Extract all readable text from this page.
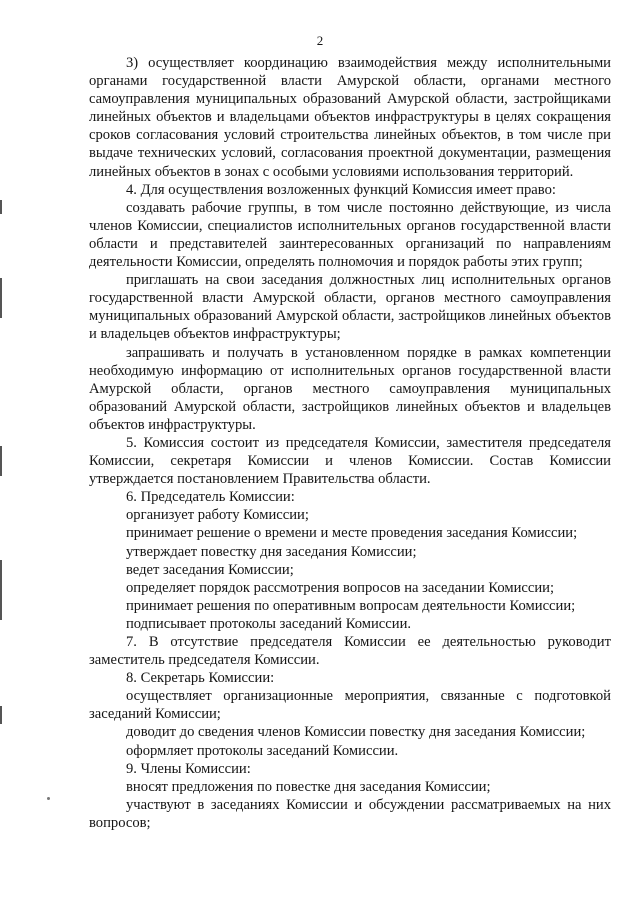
2

3) осуществляет координацию взаимодействия между исполнительными органами государственной власти Амурской области, органами местного самоуправления муниципальных образований Амурской области, застройщиками линейных объектов и владельцами объектов инфраструктуры в целях сокращения сроков согласования условий строительства линейных объектов, в том числе при выдаче технических условий, согласования проектной документации, размещения линейных объектов в зонах с особыми условиями использования территорий.

4. Для осуществления возложенных функций Комиссия имеет право:

создавать рабочие группы, в том числе постоянно действующие, из числа членов Комиссии, специалистов исполнительных органов государственной власти области и представителей заинтересованных организаций по направлениям деятельности Комиссии, определять полномочия и порядок работы этих групп;

приглашать на свои заседания должностных лиц исполнительных органов государственной власти Амурской области, органов местного самоуправления муниципальных образований Амурской области, застройщиков линейных объектов и владельцев объектов инфраструктуры;

запрашивать и получать в установленном порядке в рамках компетенции необходимую информацию от исполнительных органов государственной власти Амурской области, органов местного самоуправления муниципальных образований Амурской области, застройщиков линейных объектов и владельцев объектов инфраструктуры.

5. Комиссия состоит из председателя Комиссии, заместителя председателя Комиссии, секретаря Комиссии и членов Комиссии. Состав Комиссии утверждается постановлением Правительства области.

6. Председатель Комиссии:

организует работу Комиссии;

принимает решение о времени и месте проведения заседания Комиссии;

утверждает повестку дня заседания Комиссии;

ведет заседания Комиссии;

определяет порядок рассмотрения вопросов на заседании Комиссии;

принимает решения по оперативным вопросам деятельности Комиссии;

подписывает протоколы заседаний Комиссии.

7. В отсутствие председателя Комиссии ее деятельностью руководит заместитель председателя Комиссии.

8. Секретарь Комиссии:

осуществляет организационные мероприятия, связанные с подготовкой заседаний Комиссии;

доводит до сведения членов Комиссии повестку дня заседания Комиссии;

оформляет протоколы заседаний Комиссии.

9. Члены Комиссии:

вносят предложения по повестке дня заседания Комиссии;

участвуют в заседаниях Комиссии и обсуждении рассматриваемых на них вопросов;
